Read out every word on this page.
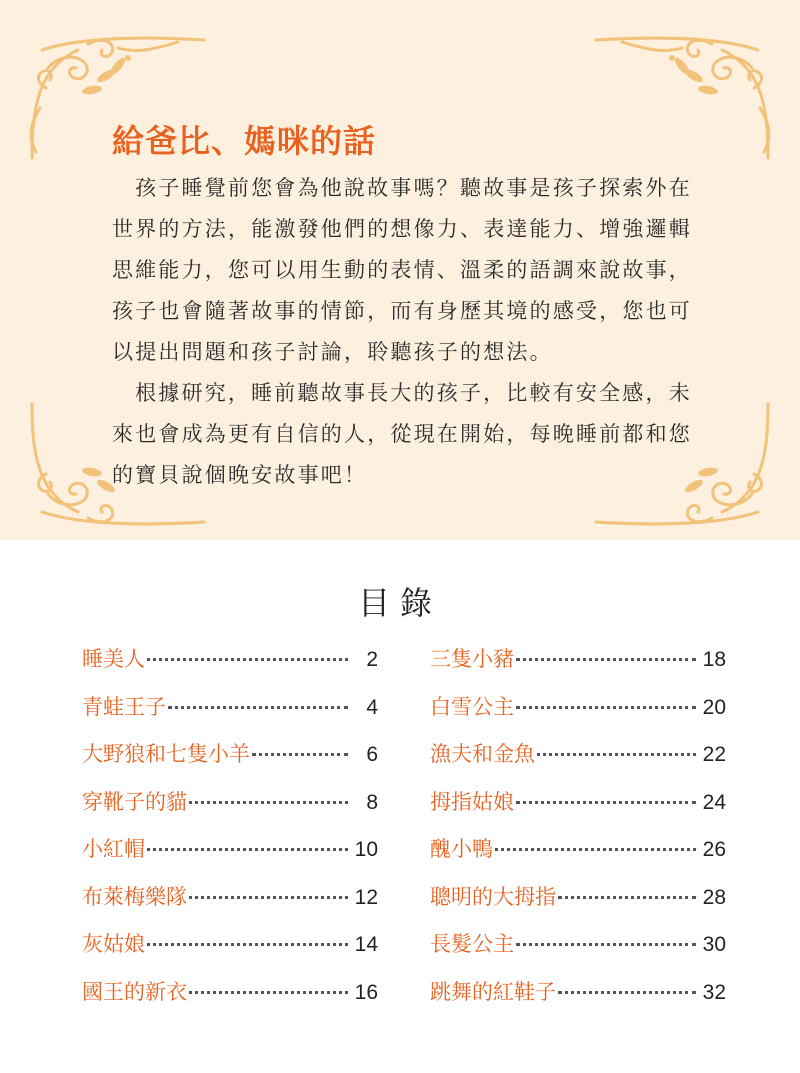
給爸比、媽咪的話

孩子睡覺前您會為他說故事嗎？聽故事是孩子探索外在世界的方法，能激發他們的想像力、表達能力、增強邏輯思維能力，您可以用生動的表情、溫柔的語調來說故事，孩子也會隨著故事的情節，而有身歷其境的感受，您也可以提出問題和孩子討論，聆聽孩子的想法。

根據研究，睡前聽故事長大的孩子，比較有安全感，未來也會成為更有自信的人，從現在開始，每晚睡前都和您的寶貝說個晚安故事吧！

目錄
睡美人	2
青蛙王子	4
大野狼和七隻小羊	6
穿靴子的貓	8
小紅帽	10
布萊梅樂隊	12
灰姑娘	14
國王的新衣	16
三隻小豬	18
白雪公主	20
漁夫和金魚	22
拇指姑娘	24
醜小鴨	26
聰明的大拇指	28
長髮公主	30
跳舞的紅鞋子	32
